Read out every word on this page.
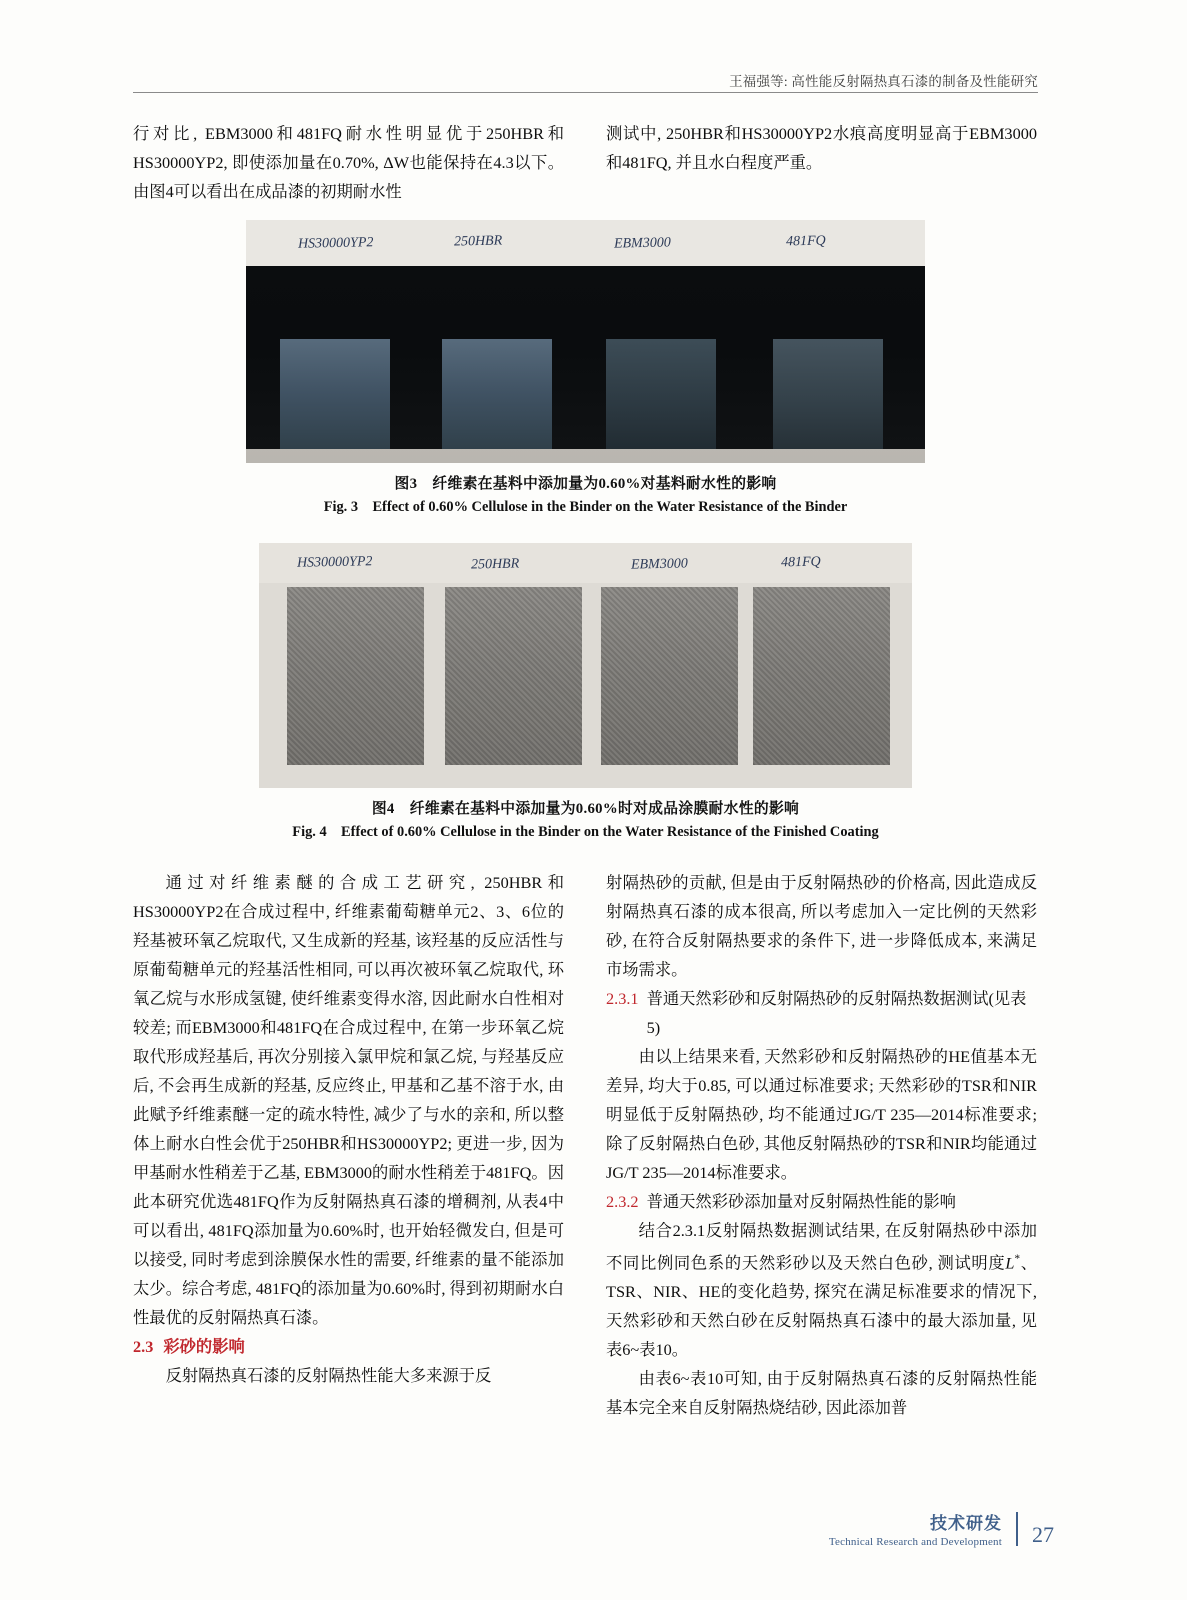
王福强等: 高性能反射隔热真石漆的制备及性能研究

行对比, EBM3000和481FQ耐水性明显优于250HBR和HS30000YP2, 即使添加量在0.70%, ΔW也能保持在4.3以下。由图4可以看出在成品漆的初期耐水性

测试中, 250HBR和HS30000YP2水痕高度明显高于EBM3000和481FQ, 并且水白程度严重。

HS30000YP2	250HBR	EBM3000	481FQ
图3　纤维素在基料中添加量为0.60%对基料耐水性的影响
Fig. 3　Effect of 0.60% Cellulose in the Binder on the Water Resistance of the Binder
HS30000YP2	250HBR	EBM3000	481FQ
图4　纤维素在基料中添加量为0.60%时对成品涂膜耐水性的影响
Fig. 4　Effect of 0.60% Cellulose in the Binder on the Water Resistance of the Finished Coating

通过对纤维素醚的合成工艺研究, 250HBR和HS30000YP2在合成过程中, 纤维素葡萄糖单元2、3、6位的羟基被环氧乙烷取代, 又生成新的羟基, 该羟基的反应活性与原葡萄糖单元的羟基活性相同, 可以再次被环氧乙烷取代, 环氧乙烷与水形成氢键, 使纤维素变得水溶, 因此耐水白性相对较差; 而EBM3000和481FQ在合成过程中, 在第一步环氧乙烷取代形成羟基后, 再次分别接入氯甲烷和氯乙烷, 与羟基反应后, 不会再生成新的羟基, 反应终止, 甲基和乙基不溶于水, 由此赋予纤维素醚一定的疏水特性, 减少了与水的亲和, 所以整体上耐水白性会优于250HBR和HS30000YP2; 更进一步, 因为甲基耐水性稍差于乙基, EBM3000的耐水性稍差于481FQ。因此本研究优选481FQ作为反射隔热真石漆的增稠剂, 从表4中可以看出, 481FQ添加量为0.60%时, 也开始轻微发白, 但是可以接受, 同时考虑到涂膜保水性的需要, 纤维素的量不能添加太少。综合考虑, 481FQ的添加量为0.60%时, 得到初期耐水白性最优的反射隔热真石漆。

2.3 彩砂的影响

反射隔热真石漆的反射隔热性能大多来源于反

射隔热砂的贡献, 但是由于反射隔热砂的价格高, 因此造成反射隔热真石漆的成本很高, 所以考虑加入一定比例的天然彩砂, 在符合反射隔热要求的条件下, 进一步降低成本, 来满足市场需求。

2.3.1 普通天然彩砂和反射隔热砂的反射隔热数据测试(见表5)

由以上结果来看, 天然彩砂和反射隔热砂的HE值基本无差异, 均大于0.85, 可以通过标准要求; 天然彩砂的TSR和NIR明显低于反射隔热砂, 均不能通过JG/T 235—2014标准要求; 除了反射隔热白色砂, 其他反射隔热砂的TSR和NIR均能通过JG/T 235—2014标准要求。

2.3.2 普通天然彩砂添加量对反射隔热性能的影响

结合2.3.1反射隔热数据测试结果, 在反射隔热砂中添加不同比例同色系的天然彩砂以及天然白色砂, 测试明度L*、TSR、NIR、HE的变化趋势, 探究在满足标准要求的情况下, 天然彩砂和天然白砂在反射隔热真石漆中的最大添加量, 见表6~表10。

由表6~表10可知, 由于反射隔热真石漆的反射隔热性能基本完全来自反射隔热烧结砂, 因此添加普

技术研发
Technical Research and Development 27
